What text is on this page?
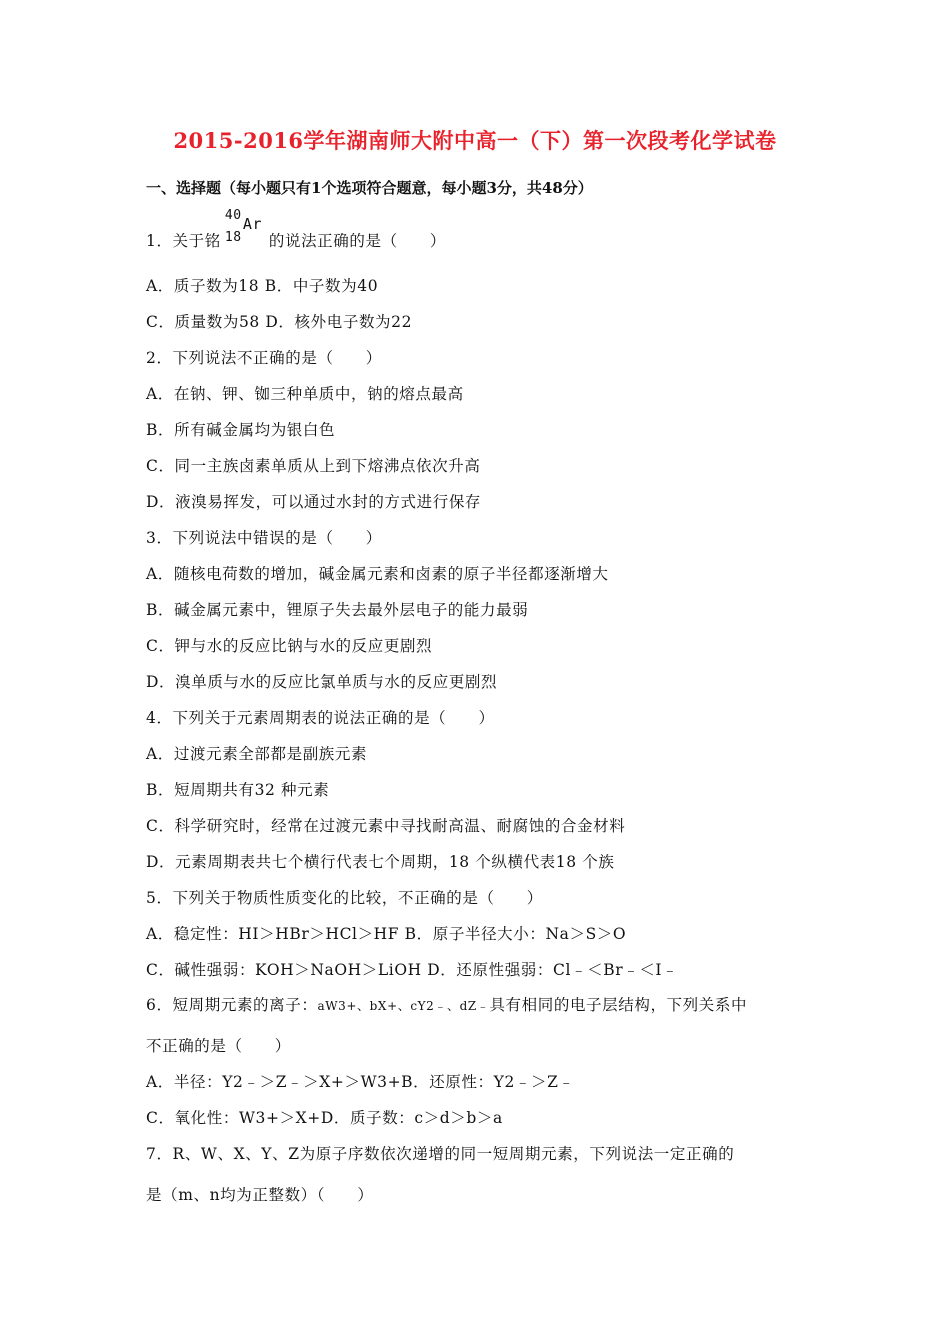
2015-2016学年湖南师大附中高一（下）第一次段考化学试卷
一、选择题（每小题只有1个选项符合题意，每小题3分，共48分）
1．关于铭
40
18
Ar
的说法正确的是（　　）
A．质子数为18 B．中子数为40
C．质量数为58 D．核外电子数为22
2．下列说法不正确的是（　　）
A．在钠、钾、铷三种单质中，钠的熔点最高
B．所有碱金属均为银白色
C．同一主族卤素单质从上到下熔沸点依次升高
D．液溴易挥发，可以通过水封的方式进行保存
3．下列说法中错误的是（　　）
A．随核电荷数的增加，碱金属元素和卤素的原子半径都逐渐增大
B．碱金属元素中，锂原子失去最外层电子的能力最弱
C．钾与水的反应比钠与水的反应更剧烈
D．溴单质与水的反应比氯单质与水的反应更剧烈
4．下列关于元素周期表的说法正确的是（　　）
A．过渡元素全部都是副族元素
B．短周期共有32 种元素
C．科学研究时，经常在过渡元素中寻找耐高温、耐腐蚀的合金材料
D．元素周期表共七个横行代表七个周期，18 个纵横代表18 个族
5．下列关于物质性质变化的比较，不正确的是（　　）
A．稳定性：HI＞HBr＞HCl＞HF B．原子半径大小：Na＞S＞O
C．碱性强弱：KOH＞NaOH＞LiOH D．还原性强弱：Cl﹣＜Br﹣＜I﹣
6．短周期元素的离子：aW3+、bX+、cY2﹣、dZ﹣具有相同的电子层结构，下列关系中
不正确的是（　　）
A．半径：Y2﹣＞Z﹣＞X+＞W3+B．还原性：Y2﹣＞Z﹣
C．氧化性：W3+＞X+D．质子数：c＞d＞b＞a
7．R、W、X、Y、Z为原子序数依次递增的同一短周期元素，下列说法一定正确的
是（m、n均为正整数）（　　）
